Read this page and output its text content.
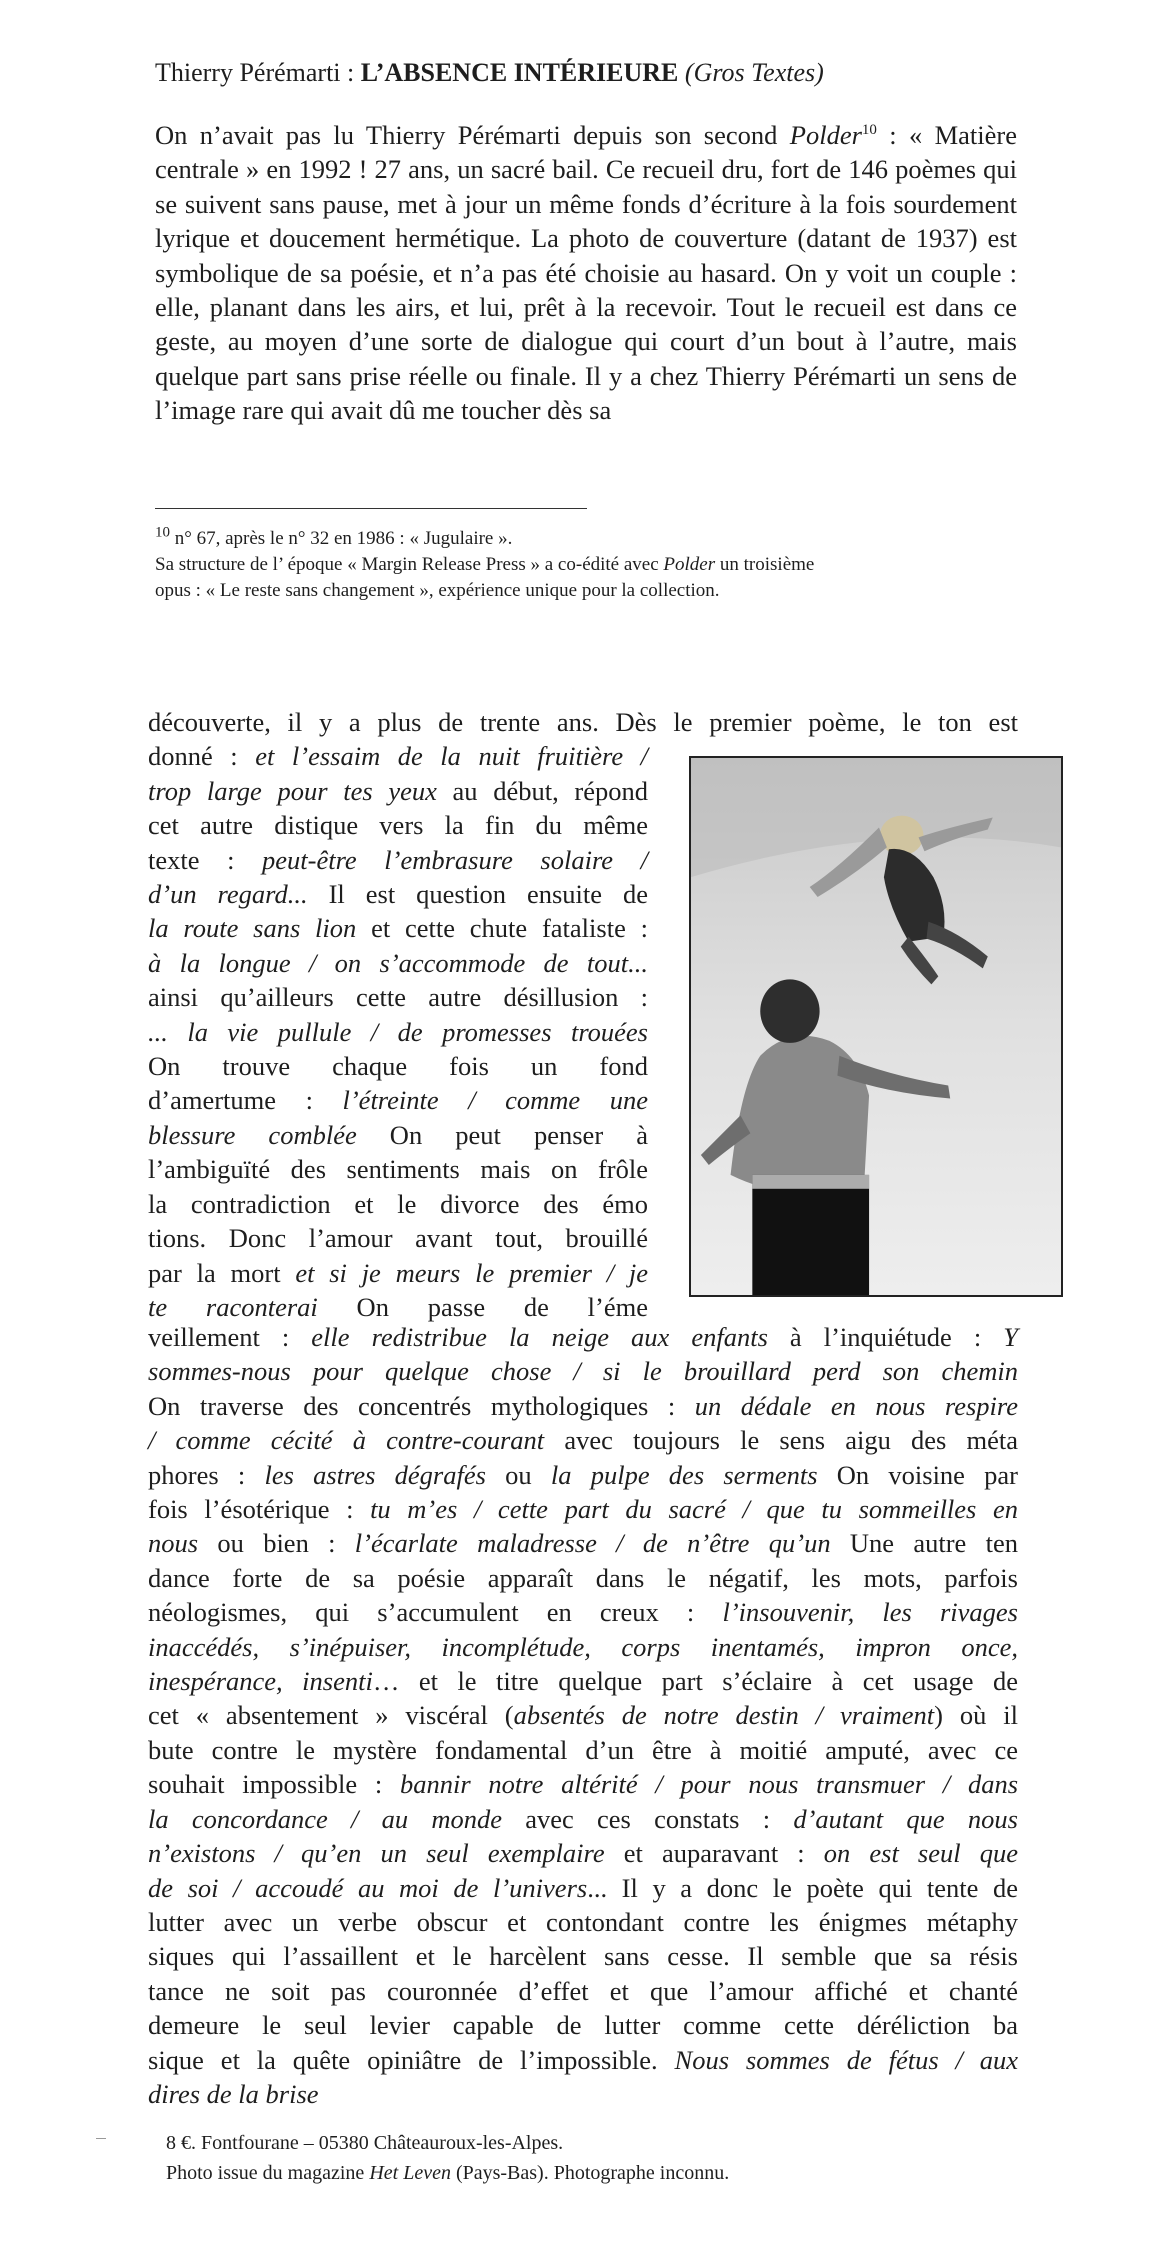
Thierry Pérémarti : L’ABSENCE INTÉRIEURE (Gros Textes)
On n’avait pas lu Thierry Pérémarti depuis son second Polder$^{10}$ : « Matière centrale » en 1992 ! 27 ans, un sacré bail. Ce recueil dru, fort de 146 poèmes qui se suivent sans pause, met à jour un même fonds d’écriture à la fois sourdement lyrique et doucement hermétique. La photo de couverture (datant de 1937) est symbolique de sa poésie, et n’a pas été choisie au hasard. On y voit un couple : elle, planant dans les airs, et lui, prêt à la recevoir. Tout le recueil est dans ce geste, au moyen d’une sorte de dialogue qui court d’un bout à l’autre, mais quelque part sans prise réelle ou finale. Il y a chez Thierry Pérémarti un sens de l’image rare qui avait dû me toucher dès sa
$^{10}$ n° 67, après le n° 32 en 1986 : « Jugulaire ».
Sa structure de l’ époque « Margin Release Press » a co-édité avec Polder un troisième
opus : « Le reste sans changement », expérience unique pour la collection.
découverte, il y a plus de trente ans. Dès le premier poème, le ton est
donné : et l’essaim de la nuit fruitière /
trop large pour tes yeux au début, répond
cet autre distique vers la fin du même
texte : peut-être l’embrasure solaire /
d’un regard... Il est question ensuite de
la route sans lion et cette chute fataliste :
à la longue / on s’accommode de tout...
ainsi qu’ailleurs cette autre désillusion :
... la vie pullule / de promesses trouées
On trouve chaque fois un fond
d’amertume : l’étreinte / comme une
blessure comblée On peut penser à
l’ambiguïté des sentiments mais on frôle
la contradiction et le divorce des émo
tions. Donc l’amour avant tout, brouillé
par la mort et si je meurs le premier / je
te raconterai On passe de l’éme
veillement : elle redistribue la neige aux enfants à l’inquiétude : Y
sommes-nous pour quelque chose / si le brouillard perd son chemin
On traverse des concentrés mythologiques : un dédale en nous respire
/ comme cécité à contre-courant avec toujours le sens aigu des méta
phores : les astres dégrafés ou la pulpe des serments On voisine par
fois l’ésotérique : tu m’es / cette part du sacré / que tu sommeilles en
nous ou bien : l’écarlate maladresse / de n’être qu’un Une autre ten
dance forte de sa poésie apparaît dans le négatif, les mots, parfois
néologismes, qui s’accumulent en creux : l’insouvenir, les rivages
inaccédés, s’inépuiser, incomplétude, corps inentamés, impron once,
inespérance, insenti… et le titre quelque part s’éclaire à cet usage de
cet « absentement » viscéral (absentés de notre destin / vraiment) où il
bute contre le mystère fondamental d’un être à moitié amputé, avec ce
souhait impossible : bannir notre altérité / pour nous transmuer / dans
la concordance / au monde avec ces constats : d’autant que nous
n’existons / qu’en un seul exemplaire et auparavant : on est seul que
de soi / accoudé au moi de l’univers... Il y a donc le poète qui tente de
lutter avec un verbe obscur et contondant contre les énigmes métaphy
siques qui l’assaillent et le harcèlent sans cesse. Il semble que sa résis
tance ne soit pas couronnée d’effet et que l’amour affiché et chanté
demeure le seul levier capable de lutter comme cette déréliction ba
sique et la quête opiniâtre de l’impossible. Nous sommes de fétus / aux
dires de la brise
8 €. Fontfourane – 05380 Châteauroux-les-Alpes.
Photo issue du magazine Het Leven (Pays-Bas). Photographe inconnu.
